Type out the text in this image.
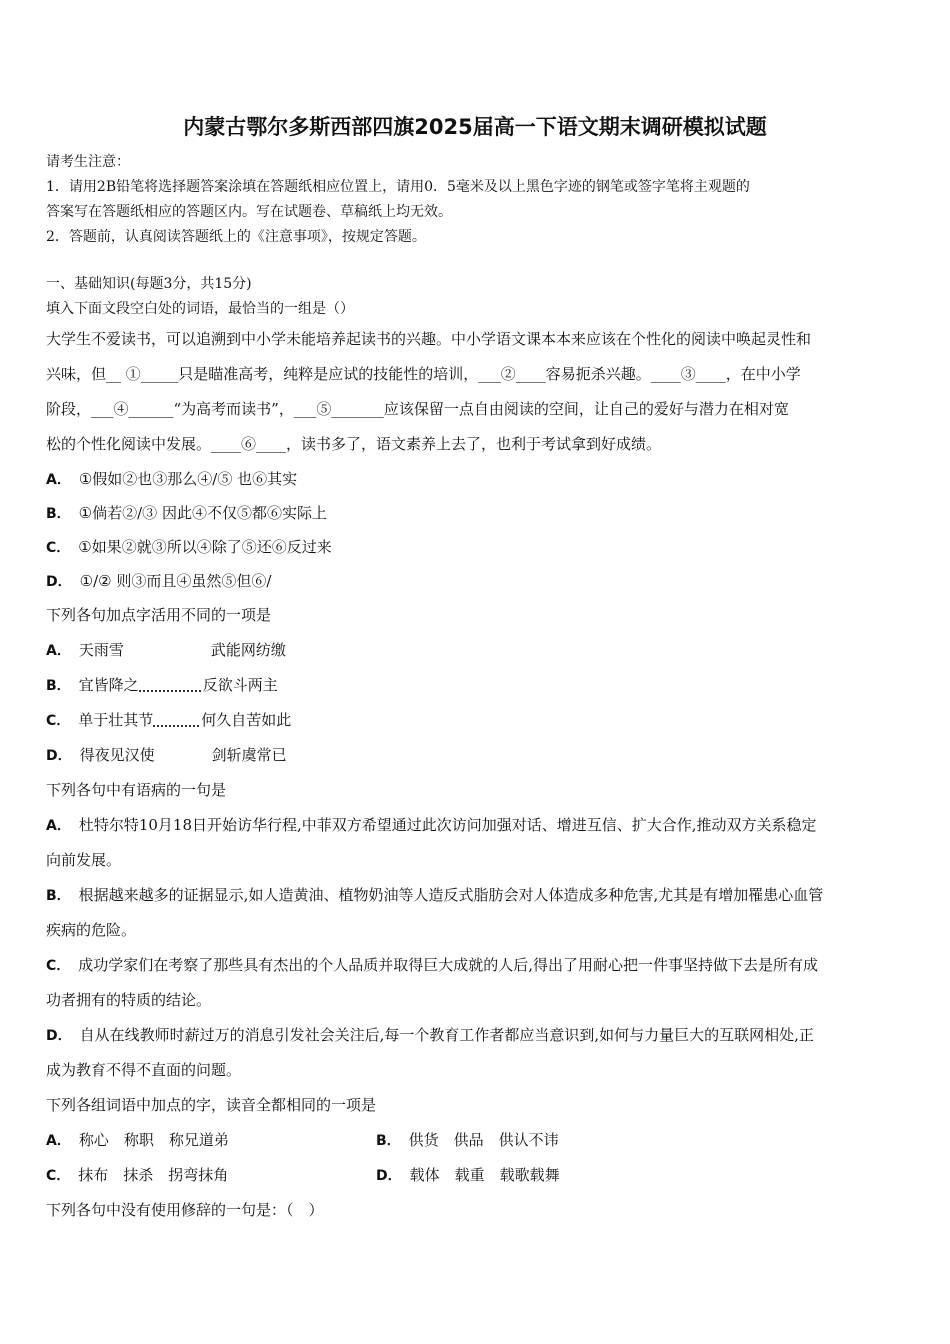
内蒙古鄂尔多斯西部四旗2025届高一下语文期末调研模拟试题
请考生注意：
1．请用2B铅笔将选择题答案涂填在答题纸相应位置上，请用0．5毫米及以上黑色字迹的钢笔或签字笔将主观题的
答案写在答题纸相应的答题区内。写在试题卷、草稿纸上均无效。
2．答题前，认真阅读答题纸上的《注意事项》，按规定答题。
一、基础知识(每题3分，共15分)
填入下面文段空白处的词语，最恰当的一组是（）
大学生不爱读书，可以追溯到中小学未能培养起读书的兴趣。中小学语文课本本来应该在个性化的阅读中唤起灵性和
兴味，但__ ①_____只是瞄准高考，纯粹是应试的技能性的培训，___②____容易扼杀兴趣。____③____，在中小学
阶段，___④______“为高考而读书”，___⑤_______应该保留一点自由阅读的空间，让自己的爱好与潜力在相对宽
松的个性化阅读中发展。____⑥____，读书多了，语文素养上去了，也利于考试拿到好成绩。
A． ①假如②也③那么④/⑤ 也⑥其实
B． ①倘若②/③ 因此④不仅⑤都⑥实际上
C． ①如果②就③所以④除了⑤还⑥反过来
D． ①/② 则③而且④虽然⑤但⑥/
下列各句加点字活用不同的一项是
A． 天雨雪	武能网纺缴
B． 宜皆降之	反欲斗两主
C． 单于壮其节	何久自苦如此
D． 得夜见汉使	剑斩虞常已
下列各句中有语病的一句是
A． 杜特尔特10月18日开始访华行程,中菲双方希望通过此次访问加强对话、增进互信、扩大合作,推动双方关系稳定
向前发展。
B． 根据越来越多的证据显示,如人造黄油、植物奶油等人造反式脂肪会对人体造成多种危害,尤其是有增加罹患心血管
疾病的危险。
C． 成功学家们在考察了那些具有杰出的个人品质并取得巨大成就的人后,得出了用耐心把一件事坚持做下去是所有成
功者拥有的特质的结论。
D． 自从在线教师时薪过万的消息引发社会关注后,每一个教育工作者都应当意识到,如何与力量巨大的互联网相处,正
成为教育不得不直面的问题。
下列各组词语中加点的字，读音全都相同的一项是
A． 称心　称职　称兄道弟	B． 供货　供品　供认不讳
C． 抹布　抹杀　拐弯抹角	D． 载体　载重　载歌载舞
下列各句中没有使用修辞的一句是：（　）
